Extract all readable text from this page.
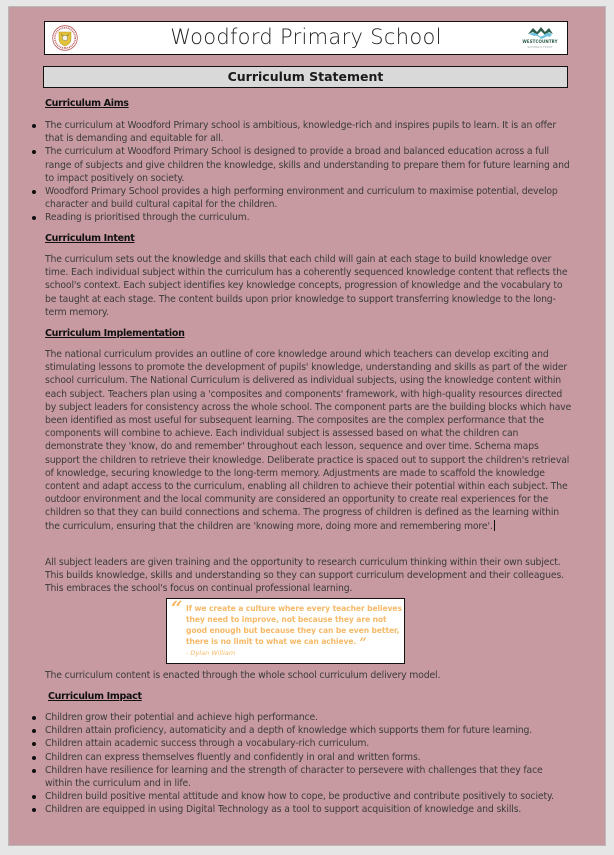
Woodford Primary School	WESTCOUNTRY
SCHOOLS TRUST
Curriculum Statement
Curriculum Aims
The curriculum at Woodford Primary school is ambitious, knowledge-rich and inspires pupils to learn. It is an offer that is demanding and equitable for all.
The curriculum at Woodford Primary School is designed to provide a broad and balanced education across a full range of subjects and give children the knowledge, skills and understanding to prepare them for future learning and to impact positively on society.
Woodford Primary School provides a high performing environment and curriculum to maximise potential, develop character and build cultural capital for the children.
Reading is prioritised through the curriculum.
Curriculum Intent

The curriculum sets out the knowledge and skills that each child will gain at each stage to build knowledge over time. Each individual subject within the curriculum has a coherently sequenced knowledge content that reflects the school's context. Each subject identifies key knowledge concepts, progression of knowledge and the vocabulary to be taught at each stage. The content builds upon prior knowledge to support transferring knowledge to the long-term memory.

Curriculum Implementation

The national curriculum provides an outline of core knowledge around which teachers can develop exciting and stimulating lessons to promote the development of pupils' knowledge, understanding and skills as part of the wider school curriculum. The National Curriculum is delivered as individual subjects, using the knowledge content within each subject. Teachers plan using a 'composites and components' framework, with high-quality resources directed by subject leaders for consistency across the whole school. The component parts are the building blocks which have been identified as most useful for subsequent learning. The composites are the complex performance that the components will combine to achieve. Each individual subject is assessed based on what the children can demonstrate they 'know, do and remember' throughout each lesson, sequence and over time. Schema maps support the children to retrieve their knowledge. Deliberate practice is spaced out to support the children's retrieval of knowledge, securing knowledge to the long-term memory. Adjustments are made to scaffold the knowledge content and adapt access to the curriculum, enabling all children to achieve their potential within each subject. The outdoor environment and the local community are considered an opportunity to create real experiences for the children so that they can build connections and schema. The progress of children is defined as the learning within the curriculum, ensuring that the children are 'knowing more, doing more and remembering more'.

All subject leaders are given training and the opportunity to research curriculum thinking within their own subject. This builds knowledge, skills and understanding so they can support curriculum development and their colleagues. This embraces the school's focus on continual professional learning.

“ If we create a culture where every teacher believes they need to improve, not because they are not good enough but because they can be even better, there is no limit to what we can achieve. ”
- Dylan William

The curriculum content is enacted through the whole school curriculum delivery model.

Curriculum Impact
Children grow their potential and achieve high performance.
Children attain proficiency, automaticity and a depth of knowledge which supports them for future learning.
Children attain academic success through a vocabulary-rich curriculum.
Children can express themselves fluently and confidently in oral and written forms.
Children have resilience for learning and the strength of character to persevere with challenges that they face within the curriculum and in life.
Children build positive mental attitude and know how to cope, be productive and contribute positively to society.
Children are equipped in using Digital Technology as a tool to support acquisition of knowledge and skills.
